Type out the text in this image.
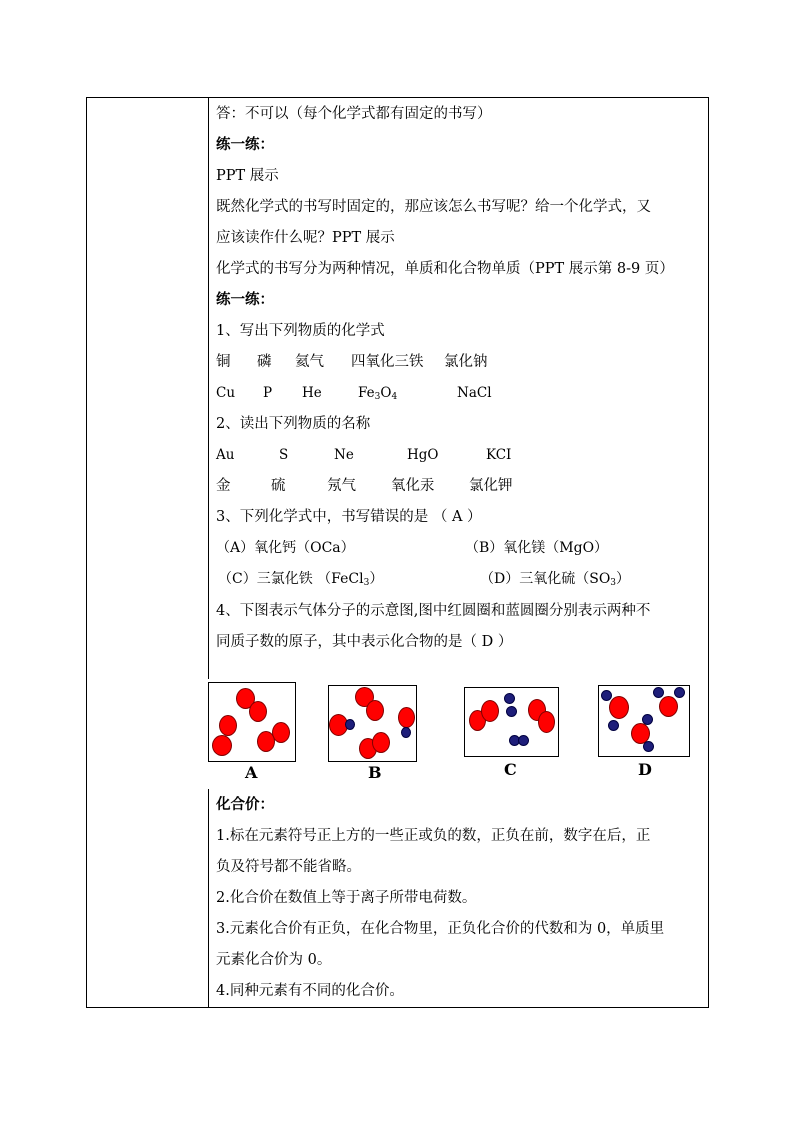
答：不可以（每个化学式都有固定的书写）
练一练：
PPT 展示
既然化学式的书写时固定的，那应该怎么书写呢？给一个化学式，又
应该读作什么呢？PPT 展示
化学式的书写分为两种情况，单质和化合物单质（PPT 展示第 8-9 页）
练一练：
1、写出下列物质的化学式
铜 磷 氦气 四氧化三铁 氯化钠
Cu P He	$Fe_3O_4$	NaCl
2、读出下列物质的名称
Au	S	Ne	HgO	KCI
金	硫	氖气 氧化汞 氯化钾
3、下列化学式中，书写错误的是 （ A ）
（A）氧化钙（OCa）	（B）氧化镁（MgO）
（C）三氯化铁 （FeCl$_3$）	（D）三氧化硫$(SO_3)$
4、下图表示气体分子的示意图,图中红圆圈和蓝圆圈分别表示两种不
同质子数的原子，其中表示化合物的是（ D ）
A	B	C	D
化合价：
1.标在元素符号正上方的一些正或负的数，正负在前，数字在后，正
负及符号都不能省略。
2.化合价在数值上等于离子所带电荷数。
3.元素化合价有正负，在化合物里，正负化合价的代数和为 0，单质里
元素化合价为 0。
4.同种元素有不同的化合价。
